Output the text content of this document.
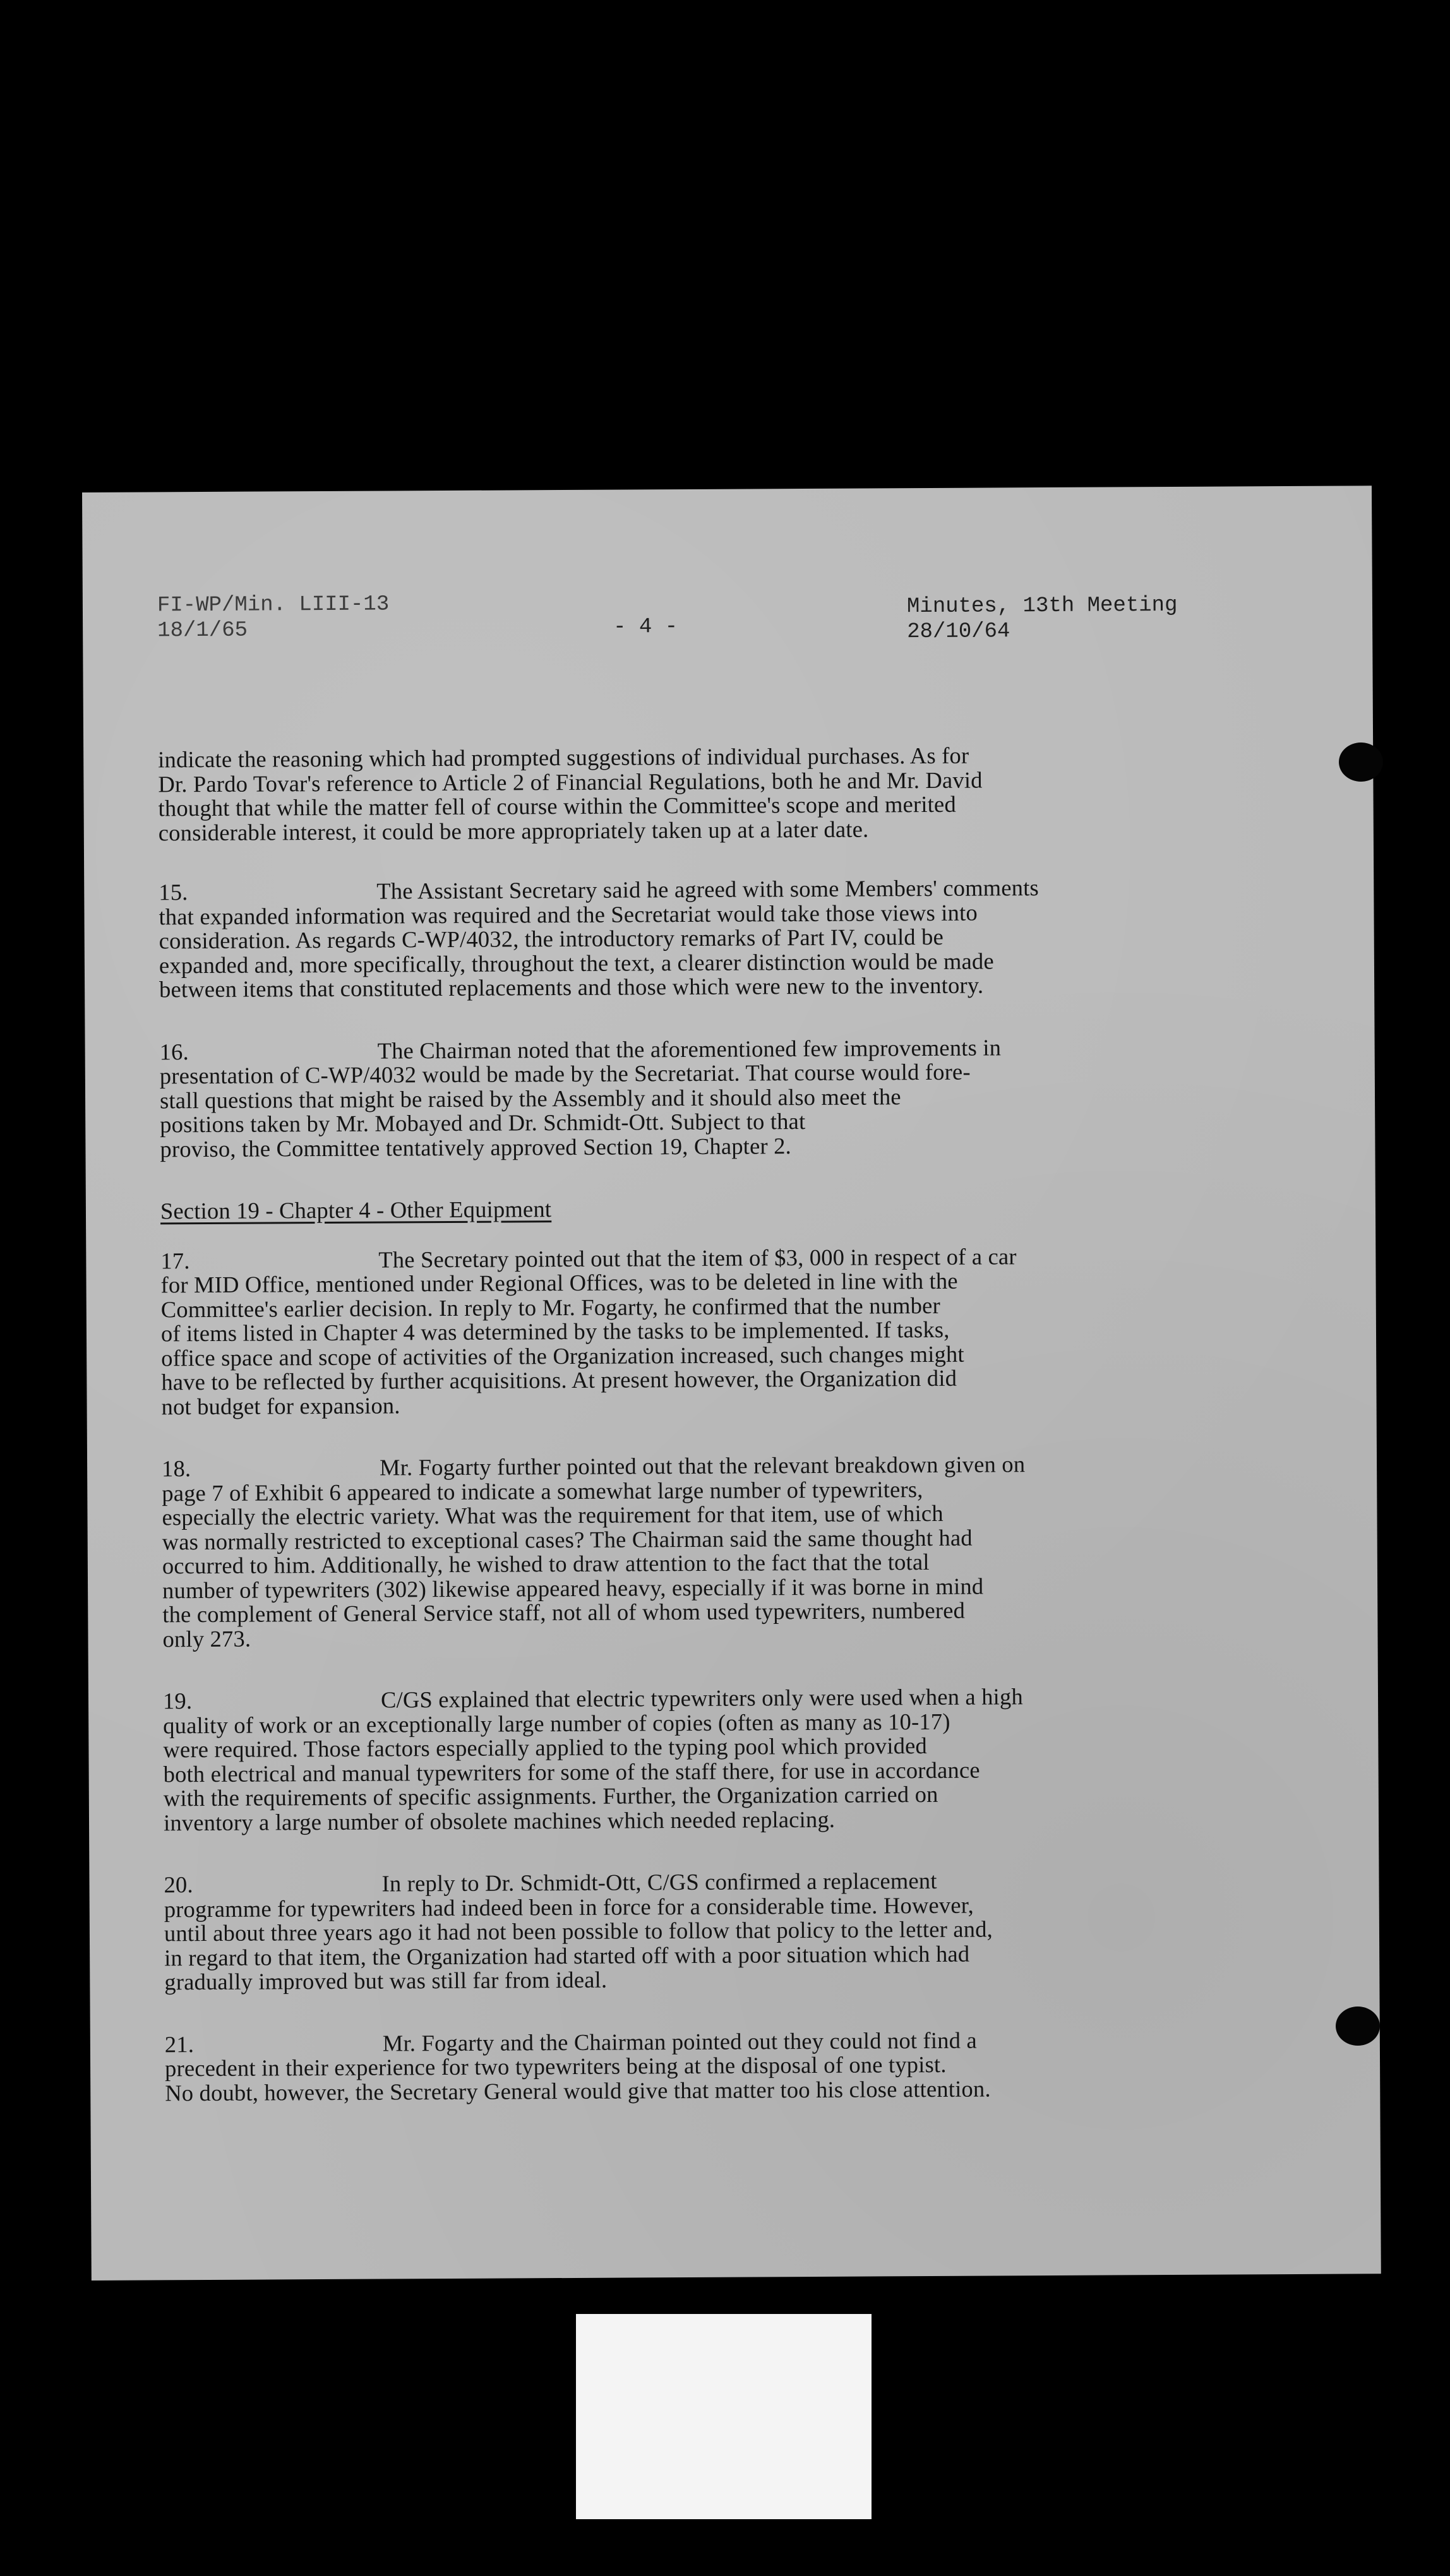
FI-WP/Min. LIII-13
18/1/65	- 4 -
Minutes, 13th Meeting
28/10/64
indicate the reasoning which had prompted suggestions of individual purchases. As for
Dr. Pardo Tovar's reference to Article 2 of Financial Regulations, both he and Mr. David
thought that while the matter fell of course within the Committee's scope and merited
considerable interest, it could be more appropriately taken up at a later date.
15.	The Assistant Secretary said he agreed with some Members' comments
that expanded information was required and the Secretariat would take those views into
consideration. As regards C-WP/4032, the introductory remarks of Part IV, could be
expanded and, more specifically, throughout the text, a clearer distinction would be made
between items that constituted replacements and those which were new to the inventory.
16.	The Chairman noted that the aforementioned few improvements in
presentation of C-WP/4032 would be made by the Secretariat. That course would fore-
stall questions that might be raised by the Assembly and it should also meet the
positions taken by Mr. Mobayed and Dr. Schmidt-Ott. Subject to that
proviso, the Committee tentatively approved Section 19, Chapter 2.
Section 19 - Chapter 4 - Other Equipment
17.	The Secretary pointed out that the item of $3, 000 in respect of a car
for MID Office, mentioned under Regional Offices, was to be deleted in line with the
Committee's earlier decision. In reply to Mr. Fogarty, he confirmed that the number
of items listed in Chapter 4 was determined by the tasks to be implemented. If tasks,
office space and scope of activities of the Organization increased, such changes might
have to be reflected by further acquisitions. At present however, the Organization did
not budget for expansion.
18.	Mr. Fogarty further pointed out that the relevant breakdown given on
page 7 of Exhibit 6 appeared to indicate a somewhat large number of typewriters,
especially the electric variety. What was the requirement for that item, use of which
was normally restricted to exceptional cases? The Chairman said the same thought had
occurred to him. Additionally, he wished to draw attention to the fact that the total
number of typewriters (302) likewise appeared heavy, especially if it was borne in mind
the complement of General Service staff, not all of whom used typewriters, numbered
only 273.
19.	C/GS explained that electric typewriters only were used when a high
quality of work or an exceptionally large number of copies (often as many as 10-17)
were required. Those factors especially applied to the typing pool which provided
both electrical and manual typewriters for some of the staff there, for use in accordance
with the requirements of specific assignments. Further, the Organization carried on
inventory a large number of obsolete machines which needed replacing.
20.	In reply to Dr. Schmidt-Ott, C/GS confirmed a replacement
programme for typewriters had indeed been in force for a considerable time. However,
until about three years ago it had not been possible to follow that policy to the letter and,
in regard to that item, the Organization had started off with a poor situation which had
gradually improved but was still far from ideal.
21.	Mr. Fogarty and the Chairman pointed out they could not find a
precedent in their experience for two typewriters being at the disposal of one typist.
No doubt, however, the Secretary General would give that matter too his close attention.
